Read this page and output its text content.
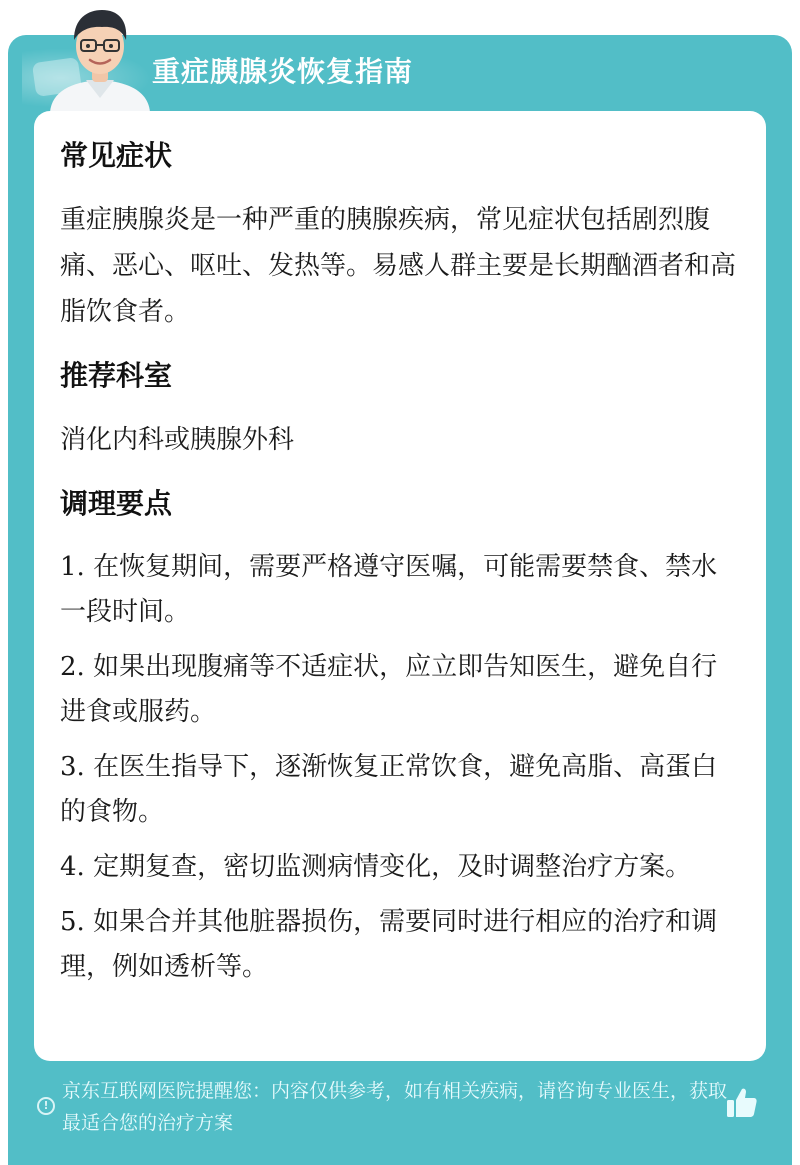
重症胰腺炎恢复指南
常见症状
重症胰腺炎是一种严重的胰腺疾病，常见症状包括剧烈腹痛、恶心、呕吐、发热等。易感人群主要是长期酗酒者和高脂饮食者。
推荐科室
消化内科或胰腺外科
调理要点
1. 在恢复期间，需要严格遵守医嘱，可能需要禁食、禁水一段时间。
2. 如果出现腹痛等不适症状，应立即告知医生，避免自行进食或服药。
3. 在医生指导下，逐渐恢复正常饮食，避免高脂、高蛋白的食物。
4. 定期复查，密切监测病情变化，及时调整治疗方案。
5. 如果合并其他脏器损伤，需要同时进行相应的治疗和调理，例如透析等。
!
京东互联网医院提醒您：内容仅供参考，如有相关疾病，请咨询专业医生，获取最适合您的治疗方案
